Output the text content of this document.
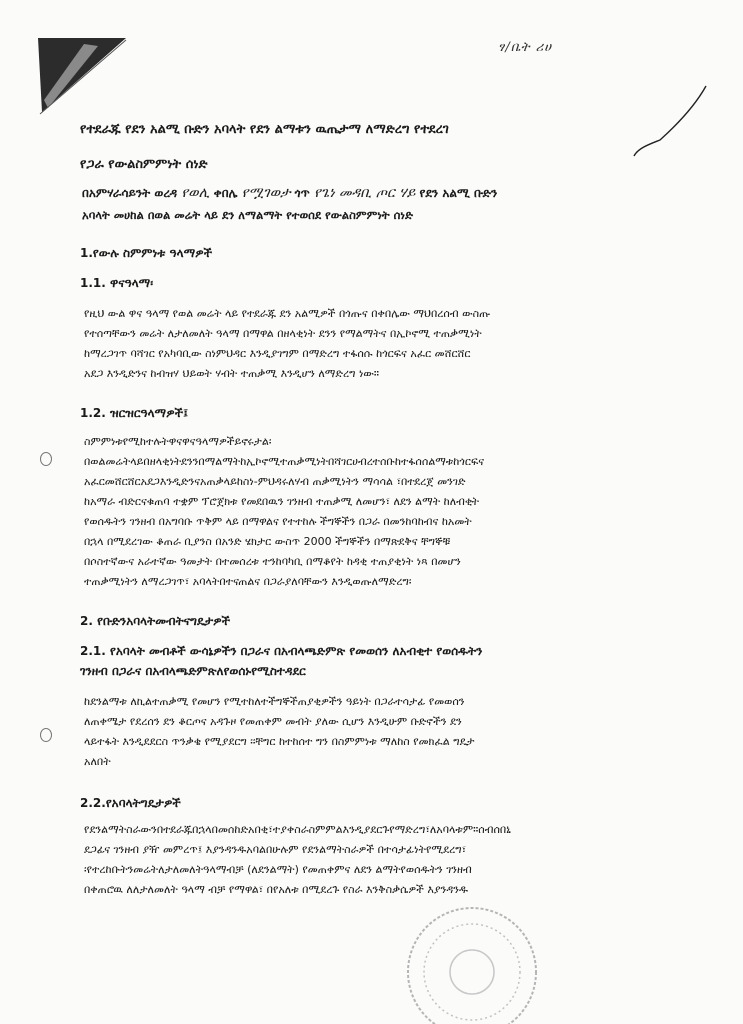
ፃ/ቤት ሪሀ
የተደራጁ የደን አልሚ ቡድን አባላት የደን ልማቱን ዉጤታማ ለማድረግ የተደረገ
የጋራ የውልስምምነት ሰነድ
በአምሃራሳይንት ወረዳ የወሊ ቀበሌ የሟገወታ ጎጥ የጌነ መዳቢ ጦር ሃይ የደን አልሚ ቡድን
አባላት መሀከል በወል መሬት ላይ ደን ለማልማት የተወሰደ የውልስምምነት ሰነድ
1.የውሉ ስምምነቱ ዓላማዎች
1.1. ዋናዓላማ፡

የዚህ ውል ዋና ዓላማ የወል መሬት ላይ የተደራጁ ደን አልሚዎች በጎጡና በቀበሌው ማህበረሰብ ውስጡ

የተሰጣቸውን መሬት ለታለመለት ዓላማ በማዋል በዘላቂነት ደንን የማልማትና በኢኮኖሚ ተጠቃሚነት

ከማረጋገጥ ባሻገር የአካባቢው ስነምህዳር እንዲያገግም በማድረግ ተፋሰሱ ከጎርፍና አፈር መሸርሸር

አደጋ እንዲድንና ከብዝሃ ህይወት ሃብት ተጠቃሚ እንዲሆን ለማድረግ ነው።

1.2. ዝርዝርዓላማዎች፤

ስምምነቱየሚከተሉትዋናዋናዓላማዎችይኖሩታል፡

በወልመሬትላይበዘላቂነትደንንበማልማትከኢኮኖሚተጠቃሚነትበሻገርሀብረተሰቡከተፋሰሰልማቱከጎርፍና

አፈርመሸርሸርአደጋእንዲድንናአጠቃላይከስነ-ምህዳሩለሃብ ጠቃሚነትን ማሳሳል ፣በተደረጀ መንገድ

ከአማራ ብድርናቁጠባ ተቋም ፕሮጀክቱ የመደበዉን ገንዘብ ተጠቃሚ ለመሆን፣ ለደን ልማት ከለብቂት

የወሰዱትን ገንዘብ በአግባቡ ጥቅም ላይ በማዋልና የተተከሉ ችግኞችን በጋራ በመንከባከብና ከአመት

በኋላ በሚደረገው ቆጠራ ቢያንስ በአንድ ሄክታር ውስጥ 2000 ችግኞችን በማጽደቅና ቸግኞቹ

በሶስተኛውና አራተኛው ዓመታት በተመሰረቱ ተንከባካቢ በማቆየት ከዳቂ ተጠያቂነት ነጻ በመሆን

ተጠቃሚነትን ለማረጋገጥ፣ አባላትበተናጠልና በጋራያለባቸውን እንዲወጡለማድረግ፡

2. የቡድንአባላትመብትናግዴታዎች
2.1. የአባላት መብቶች ውሳኔዎችን በጋራና በአብላጫድምጽ የመወሰን ለአብቂተ የወሰዱትን
ገንዘብ በጋራና በአብላጫድምጽለየወሰኑየሚስተዳደር

ከደንልማቱ ለኪልተጠቃሚ የመሆን የሚተከለተችግኞችጠያቂዎችን ዓይነት በጋራተሳታፊ የመወሰን

ለጠቀሜታ የደረሰን ደን ቆርጦና አዳጉዞ የመጠቀም መብት ያለው ሲሆን እንዲሁም ቡድኖችን ደን

ላይተፋት እንዲደደርስ ጥንቃቄ የሚያደርግ ፡፡ቸግር ከተከሰተ ግን በስምምነቱ ማለከስ የመክፈል ግዴታ

አለበት

2.2.የአባላትግዴታዎች

የደንልማትስራውንበተደራጁበኋላበመሰከድአበቂ፣ተያቀስራስምምልእንዲያደርጉየማድረግ፣ለአባላቱም።ሰብሰበኒ

ደጋፊና ገንዘብ ያዥ መምረጥ፤ እያንዳንዱአባልበሁሉም የደንልማትስራዎች በተሳታፊነትየሚደረግ፣

፡የተረከቡትንመሬትለታለመለትዓላማብቻ (ለደንልማት) የመጠቀምና ለደን ልማትየወሰዱትን ገንዘብ

በቀጠሮዉ ለለታለመለት ዓላማ ብቻ የማዋል፣ በየአለቱ በሚደረጉ የስራ እንቅስቃሴዎች እያንዳንዱ
